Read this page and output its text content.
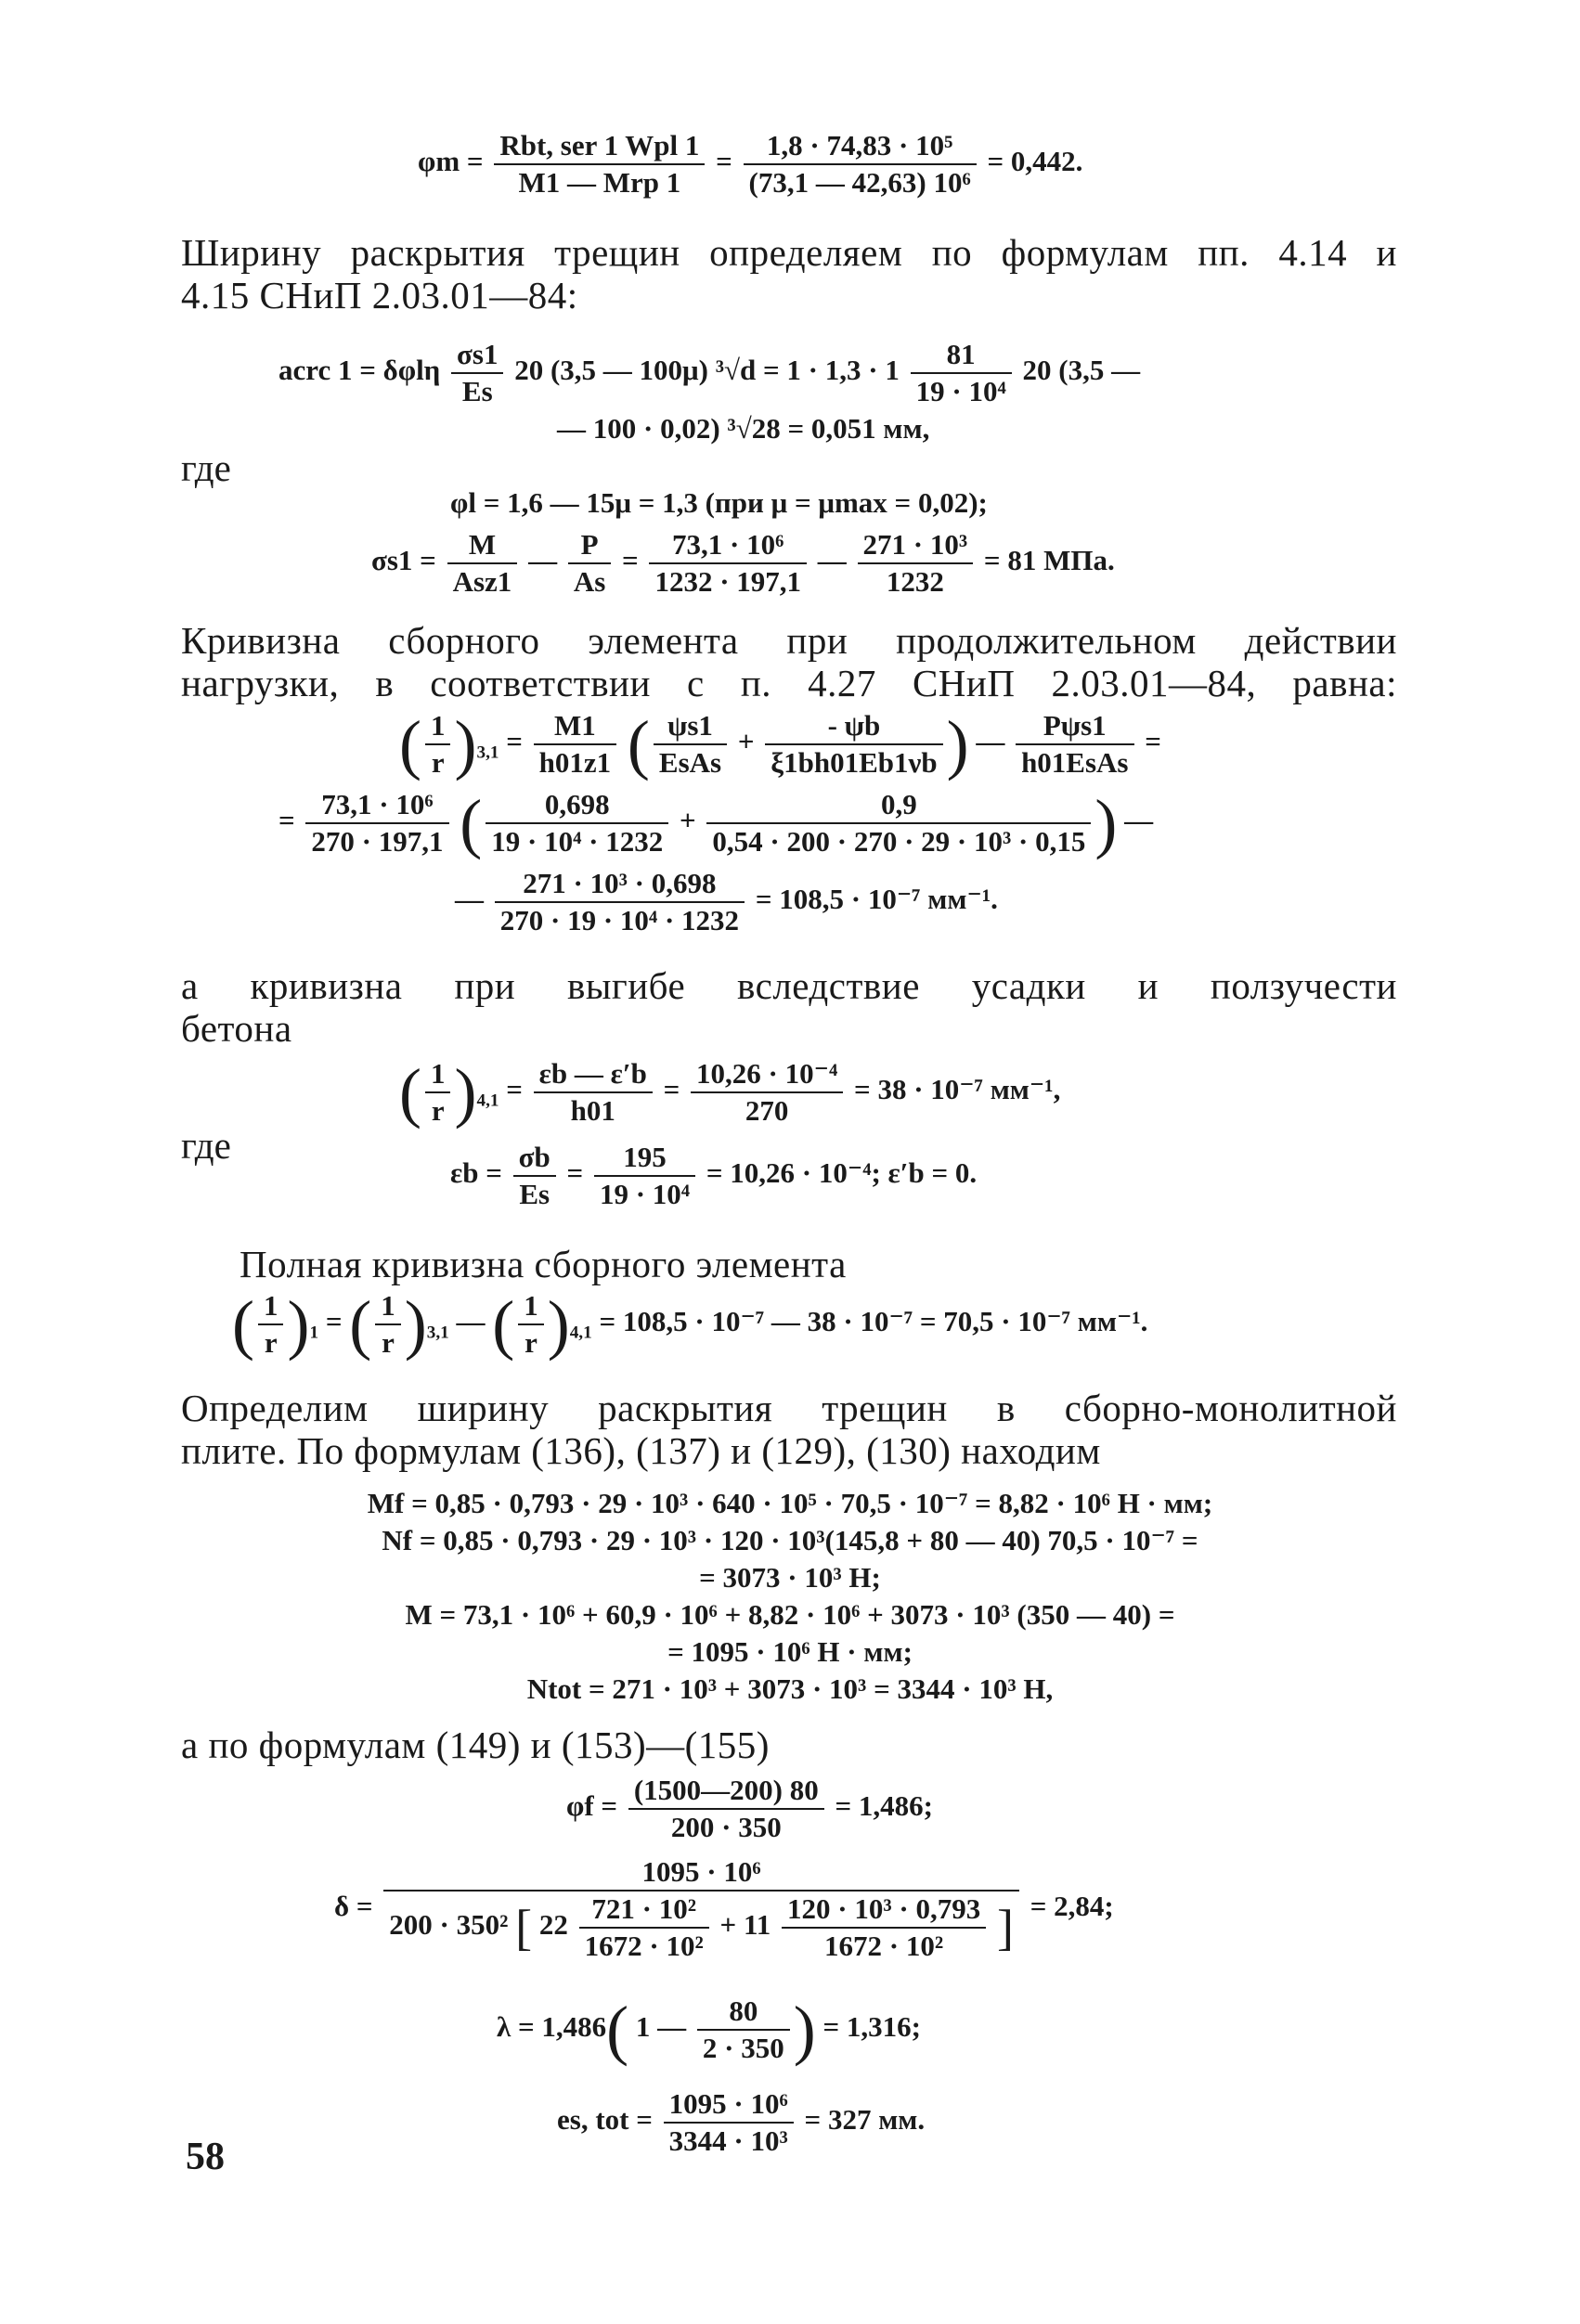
$\varphi m = \frac{\text{Rbt, ser 1 Wpl 1}}{\text{M1 — Mrp 1}} = \frac{\text{1,8 · 74,83 · 10⁵}}{\text{(73,1 — 42,63) 10⁶}} = 0,442$.
Ширину раскрытия трещин определяем по формулам пп. 4.14 и
4.15 СНиП 2.03.01—84:
acrc 1 = δφlη $\frac{\sigma s1}{Es} 20$ (3,5 — 100μ) $^3√d = 1 \cdot 1,3 \cdot 1 \frac{81}{\text{19 · 10⁴}} 20$ (3,5 —
— 100 · 0,02) ³√28 = 0,051 мм,
где
φl = 1,6 — 15μ = 1,3 (при μ = μmax = 0,02);
$\sigma s1 = \frac{M}{\text{Asz1}}$ — $\frac{P}{As} = \frac{\text{73,1 · 10⁶}}{1232 \cdot 197,1}$ — $\frac{\text{271 · 10³}}{1232} = 81$ МПа.
Кривизна сборного элемента при продолжительном действии
нагрузки, в соответствии с п. 4.27 СНиП 2.03.01—84, равна:
( $\frac{1}{r} )_{3,1} = \frac{M1}{h01z1}$ ( $\frac{\psi s1}{\text{EsAs}} + \frac{- \psi b}{\xi 1bh01Eb1\nu b}$ ) — $\frac{\text{Pψs1}}{\text{h01EsAs}}$ =
= $\frac{\text{73,1 · 10⁶}}{270 \cdot 197,1}$ ( $\frac{0,698}{\text{19 · 10⁴ · 1232}} + \frac{0,9}{\text{0,54 · 200 · 270 · 29 · 10³ · 0,15}}$ ) —
— $\frac{\text{271 · 10³ · 0,698}}{\text{270 · 19 · 10⁴ · 1232}} = 108,5 \cdot 10^{-7}$ мм⁻¹.
а кривизна при выгибе вследствие усадки и ползучести
бетона
( $\frac{1}{r} )_{4,1} = \frac{\varepsilon b — \varepsilon'b}{h01} = \frac{\text{10,26 · 10⁻⁴}}{270} = 38 \cdot 10^{-7}$ мм⁻¹,
где
$\varepsilon b = \frac{\sigma b}{Es} = \frac{195}{\text{19 · 10⁴}} = 10,26 \cdot 10^{-4}$; ε′b = 0.
Полная кривизна сборного элемента
( $\frac{1}{r} )_1$ = ( $\frac{1}{r} )_{3,1}$ — ( $\frac{1}{r} )_{4,1} = 108,5 \cdot 10^{-7}$ — 38 · 10⁻⁷ = 70,5 · 10⁻⁷ мм⁻¹.
Определим ширину раскрытия трещин в сборно-монолитной
плите. По формулам (136), (137) и (129), (130) находим
Mf = 0,85 · 0,793 · 29 · 10³ · 640 · 10⁵ · 70,5 · 10⁻⁷ = 8,82 · 10⁶ Н · мм;
Nf = 0,85 · 0,793 · 29 · 10³ · 120 · 10³(145,8 + 80 — 40) 70,5 · 10⁻⁷ =
= 3073 · 10³ Н;
M = 73,1 · 10⁶ + 60,9 · 10⁶ + 8,82 · 10⁶ + 3073 · 10³ (350 — 40) =
= 1095 · 10⁶ Н · мм;
Ntot = 271 · 10³ + 3073 · 10³ = 3344 · 10³ Н,
а по формулам (149) и (153)—(155)
$\varphi f = \frac{(1500—200) 80}{200 \cdot 350} = 1,486$;
δ =
1095 · 10⁶
200 · 350² [ $22 \frac{\text{721 · 10²}}{\text{1672 · 10²}} + 11 \frac{\text{120 · 10³ · 0,793}}{\text{1672 · 10²}}$ ] = 2,84;
λ = 1,486( 1 — $\frac{80}{2 \cdot 350}$ ) = 1,316;
es, tot = $\frac{\text{1095 · 10⁶}}{\text{3344 · 10³}} = 327$ мм.
58
